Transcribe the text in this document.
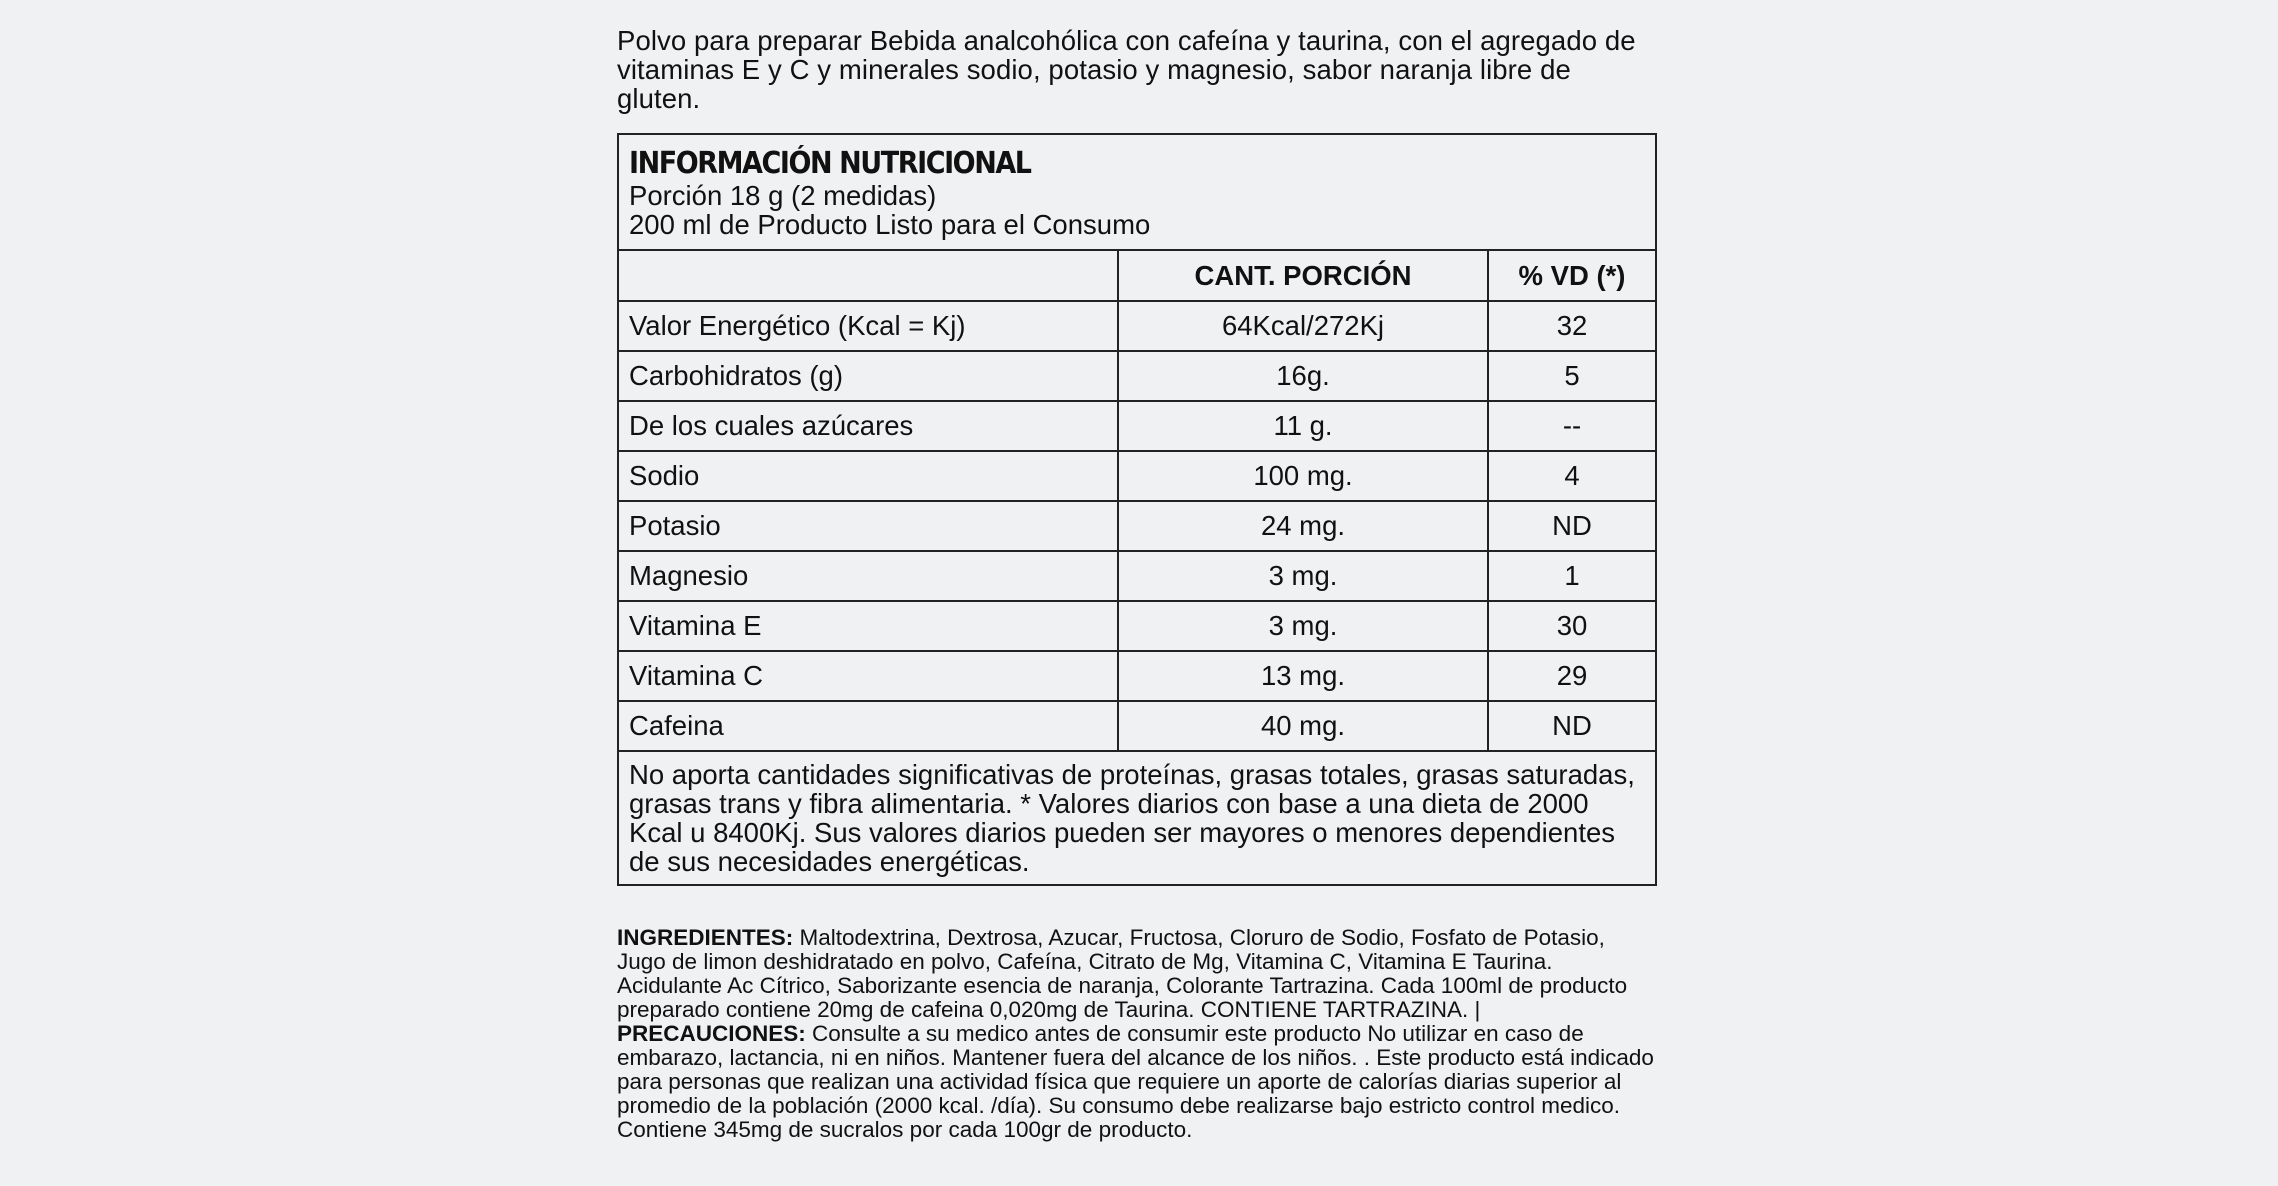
Polvo para preparar Bebida analcohólica con cafeína y taurina, con el agregado de vitaminas E y C y minerales sodio, potasio y magnesio, sabor naranja libre de gluten.

INFORMACIÓN NUTRICIONAL
Porción 18 g (2 medidas)
200 ml de Producto Listo para el Consumo
	CANT. PORCIÓN	% VD (*)
Valor Energético (Kcal = Kj)	64Kcal/272Kj	32
Carbohidratos (g)	16g.	5
De los cuales azúcares	11 g.	--
Sodio	100 mg.	4
Potasio	24 mg.	ND
Magnesio	3 mg.	1
Vitamina E	3 mg.	30
Vitamina C	13 mg.	29
Cafeina	40 mg.	ND
No aporta cantidades significativas de proteínas, grasas totales, grasas saturadas, grasas trans y fibra alimentaria. * Valores diarios con base a una dieta de 2000 Kcal u 8400Kj. Sus valores diarios pueden ser mayores o menores dependientes de sus necesidades energéticas.

INGREDIENTES: Maltodextrina, Dextrosa, Azucar, Fructosa, Cloruro de Sodio, Fosfato de Potasio, Jugo de limon deshidratado en polvo, Cafeína, Citrato de Mg, Vitamina C, Vitamina E Taurina. Acidulante Ac Cítrico, Saborizante esencia de naranja, Colorante Tartrazina. Cada 100ml de producto preparado contiene 20mg de cafeina 0,020mg de Taurina. CONTIENE TARTRAZINA. | PRECAUCIONES: Consulte a su medico antes de consumir este producto No utilizar en caso de embarazo, lactancia, ni en niños. Mantener fuera del alcance de los niños. . Este producto está indicado para personas que realizan una actividad física que requiere un aporte de calorías diarias superior al promedio de la población (2000 kcal. /día). Su consumo debe realizarse bajo estricto control medico. Contiene 345mg de sucralos por cada 100gr de producto.
